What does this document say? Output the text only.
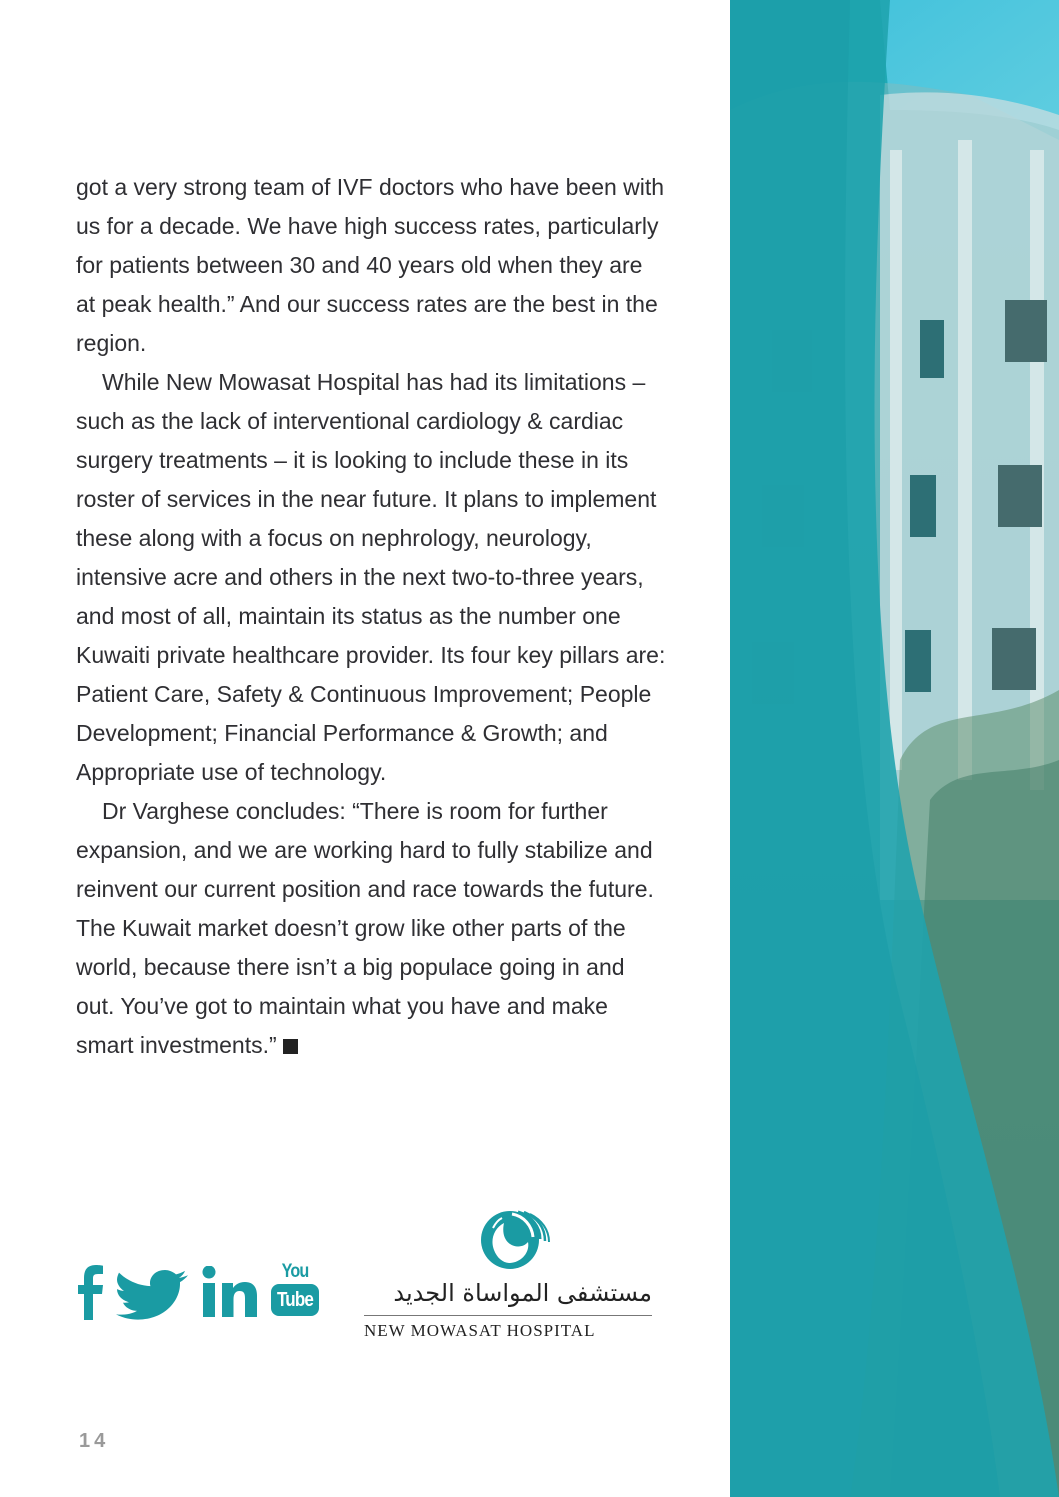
got a very strong team of IVF doctors who have been with us for a decade. We have high success rates, particularly for patients between 30 and 40 years old when they are at peak health.” And our success rates are the best in the region.

While New Mowasat Hospital has had its limitations – such as the lack of interventional cardiology & cardiac surgery treatments – it is looking to include these in its roster of services in the near future. It plans to implement these along with a focus on nephrology, neurology, intensive acre and others in the next two-to-three years, and most of all, maintain its status as the number one Kuwaiti private healthcare provider. Its four key pillars are: Patient Care, Safety & Continuous Improvement; People Development; Financial Performance & Growth; and Appropriate use of technology.

Dr Varghese concludes: “There is room for further expansion, and we are working hard to fully stabilize and reinvent our current position and race towards the future. The Kuwait market doesn’t grow like other parts of the world, because there isn’t a big populace going in and out. You’ve got to maintain what you have and make smart investments.”

You
Tube	مستشفى المواساة الجديد
NEW MOWASAT HOSPITAL
14
